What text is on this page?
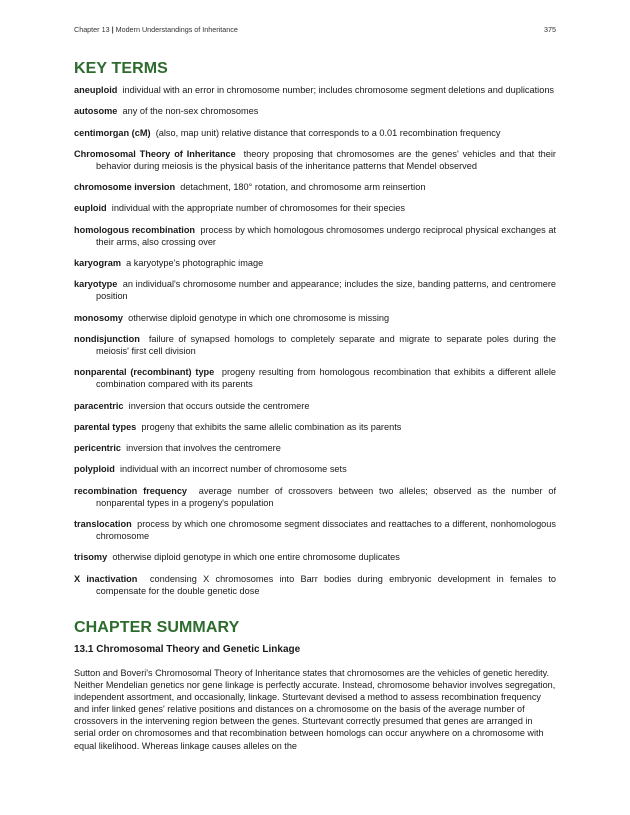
Chapter 13 | Modern Understandings of Inheritance	375
KEY TERMS

aneuploid individual with an error in chromosome number; includes chromosome segment deletions and duplications

autosome any of the non-sex chromosomes

centimorgan (cM) (also, map unit) relative distance that corresponds to a 0.01 recombination frequency

Chromosomal Theory of Inheritance theory proposing that chromosomes are the genes' vehicles and that their behavior during meiosis is the physical basis of the inheritance patterns that Mendel observed

chromosome inversion detachment, 180° rotation, and chromosome arm reinsertion

euploid individual with the appropriate number of chromosomes for their species

homologous recombination process by which homologous chromosomes undergo reciprocal physical exchanges at their arms, also crossing over

karyogram a karyotype's photographic image

karyotype an individual's chromosome number and appearance; includes the size, banding patterns, and centromere position

monosomy otherwise diploid genotype in which one chromosome is missing

nondisjunction failure of synapsed homologs to completely separate and migrate to separate poles during the meiosis' first cell division

nonparental (recombinant) type progeny resulting from homologous recombination that exhibits a different allele combination compared with its parents

paracentric inversion that occurs outside the centromere

parental types progeny that exhibits the same allelic combination as its parents

pericentric inversion that involves the centromere

polyploid individual with an incorrect number of chromosome sets

recombination frequency average number of crossovers between two alleles; observed as the number of nonparental types in a progeny's population

translocation process by which one chromosome segment dissociates and reattaches to a different, nonhomologous chromosome

trisomy otherwise diploid genotype in which one entire chromosome duplicates

X inactivation condensing X chromosomes into Barr bodies during embryonic development in females to compensate for the double genetic dose

CHAPTER SUMMARY
13.1 Chromosomal Theory and Genetic Linkage

Sutton and Boveri's Chromosomal Theory of Inheritance states that chromosomes are the vehicles of genetic heredity. Neither Mendelian genetics nor gene linkage is perfectly accurate. Instead, chromosome behavior involves segregation, independent assortment, and occasionally, linkage. Sturtevant devised a method to assess recombination frequency and infer linked genes' relative positions and distances on a chromosome on the basis of the average number of crossovers in the intervening region between the genes. Sturtevant correctly presumed that genes are arranged in serial order on chromosomes and that recombination between homologs can occur anywhere on a chromosome with equal likelihood. Whereas linkage causes alleles on the
